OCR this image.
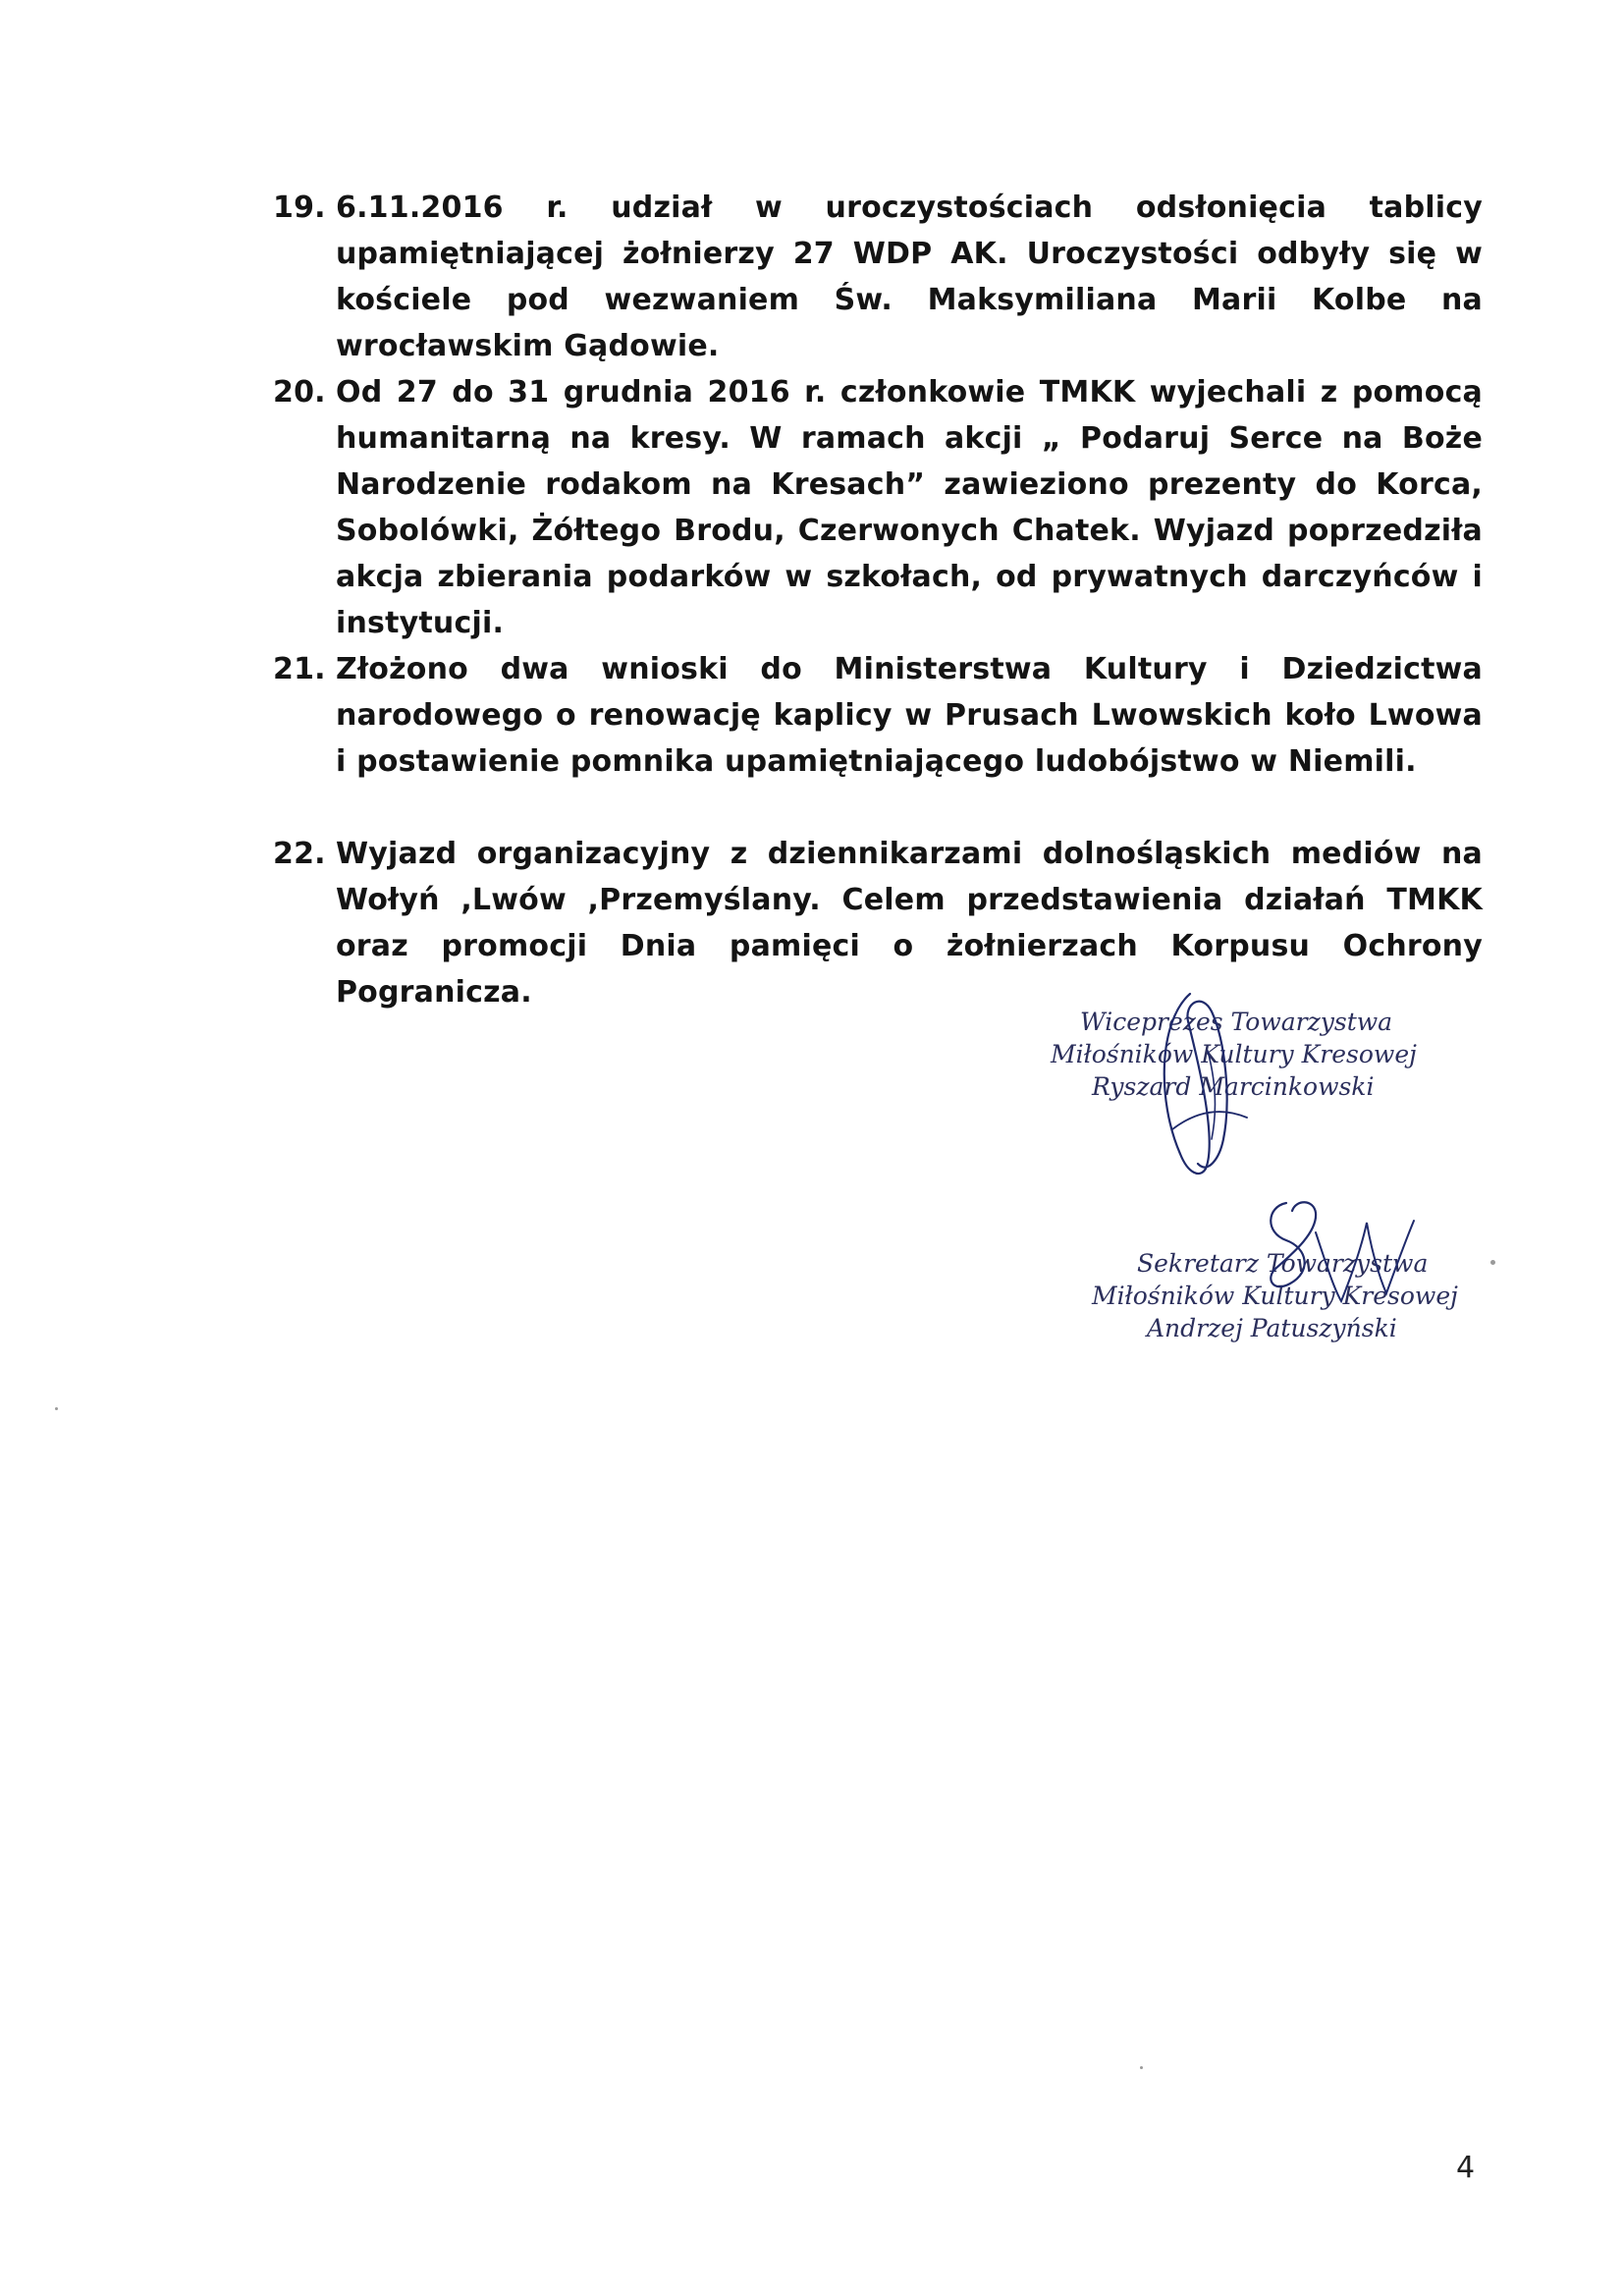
19. 6.11.2016 r. udział w uroczystościach odsłonięcia tablicy upamiętniającej żołnierzy 27 WDP AK. Uroczystości odbyły się w kościele pod wezwaniem Św. Maksymiliana Marii Kolbe na wrocławskim Gądowie.
20. Od 27 do 31 grudnia 2016 r. członkowie TMKK wyjechali z pomocą humanitarną na kresy. W ramach akcji „ Podaruj Serce na Boże Narodzenie rodakom na Kresach” zawieziono prezenty do Korca, Sobolówki, Żółtego Brodu, Czerwonych Chatek. Wyjazd poprzedziła akcja zbierania podarków w szkołach, od prywatnych darczyńców i instytucji.
21. Złożono dwa wnioski do Ministerstwa Kultury i Dziedzictwa narodowego o renowację kaplicy w Prusach Lwowskich koło Lwowa i postawienie pomnika upamiętniającego ludobójstwo w Niemili.
22. Wyjazd organizacyjny z dziennikarzami dolnośląskich mediów na Wołyń ,Lwów ,Przemyślany. Celem przedstawienia działań TMKK oraz promocji Dnia pamięci o żołnierzach Korpusu Ochrony Pogranicza.
Wiceprezes Towarzystwa
Miłośników Kultury Kresowej
Ryszard Marcinkowski
Sekretarz Towarzystwa
Miłośników Kultury Kresowej
Andrzej Patuszyński
4
